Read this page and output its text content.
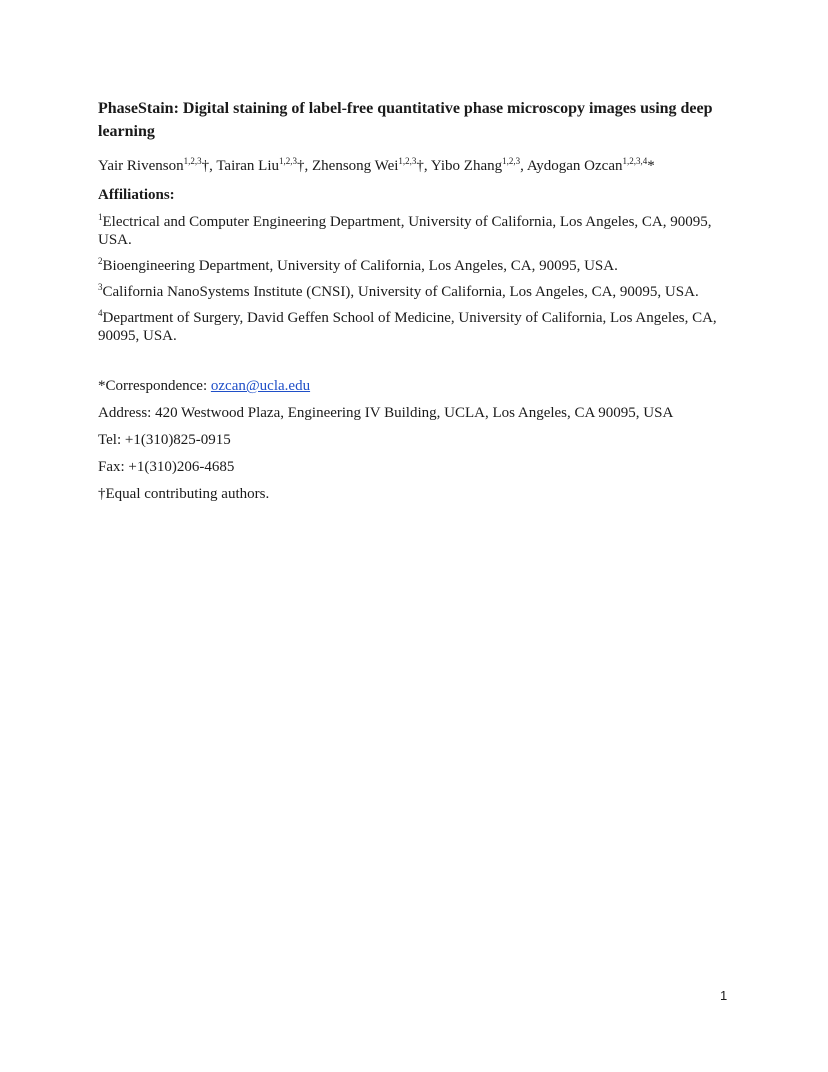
PhaseStain: Digital staining of label-free quantitative phase microscopy images using deep learning
Yair Rivenson$^{1,2,3}$†, Tairan Liu$^{1,2,3}$†, Zhensong Wei$^{1,2,3}$†, Yibo Zhang$^{1,2,3}$, Aydogan Ozcan$^{1,2,3,4}$*
Affiliations:
$^1$Electrical and Computer Engineering Department, University of California, Los Angeles, CA, 90095, USA.
$^2$Bioengineering Department, University of California, Los Angeles, CA, 90095, USA.
$^3$California NanoSystems Institute (CNSI), University of California, Los Angeles, CA, 90095, USA.
$^4$Department of Surgery, David Geffen School of Medicine, University of California, Los Angeles, CA, 90095, USA.
*Correspondence: ozcan@ucla.edu
Address: 420 Westwood Plaza, Engineering IV Building, UCLA, Los Angeles, CA 90095, USA
Tel: +1(310)825-0915
Fax: +1(310)206-4685
†Equal contributing authors.
1
